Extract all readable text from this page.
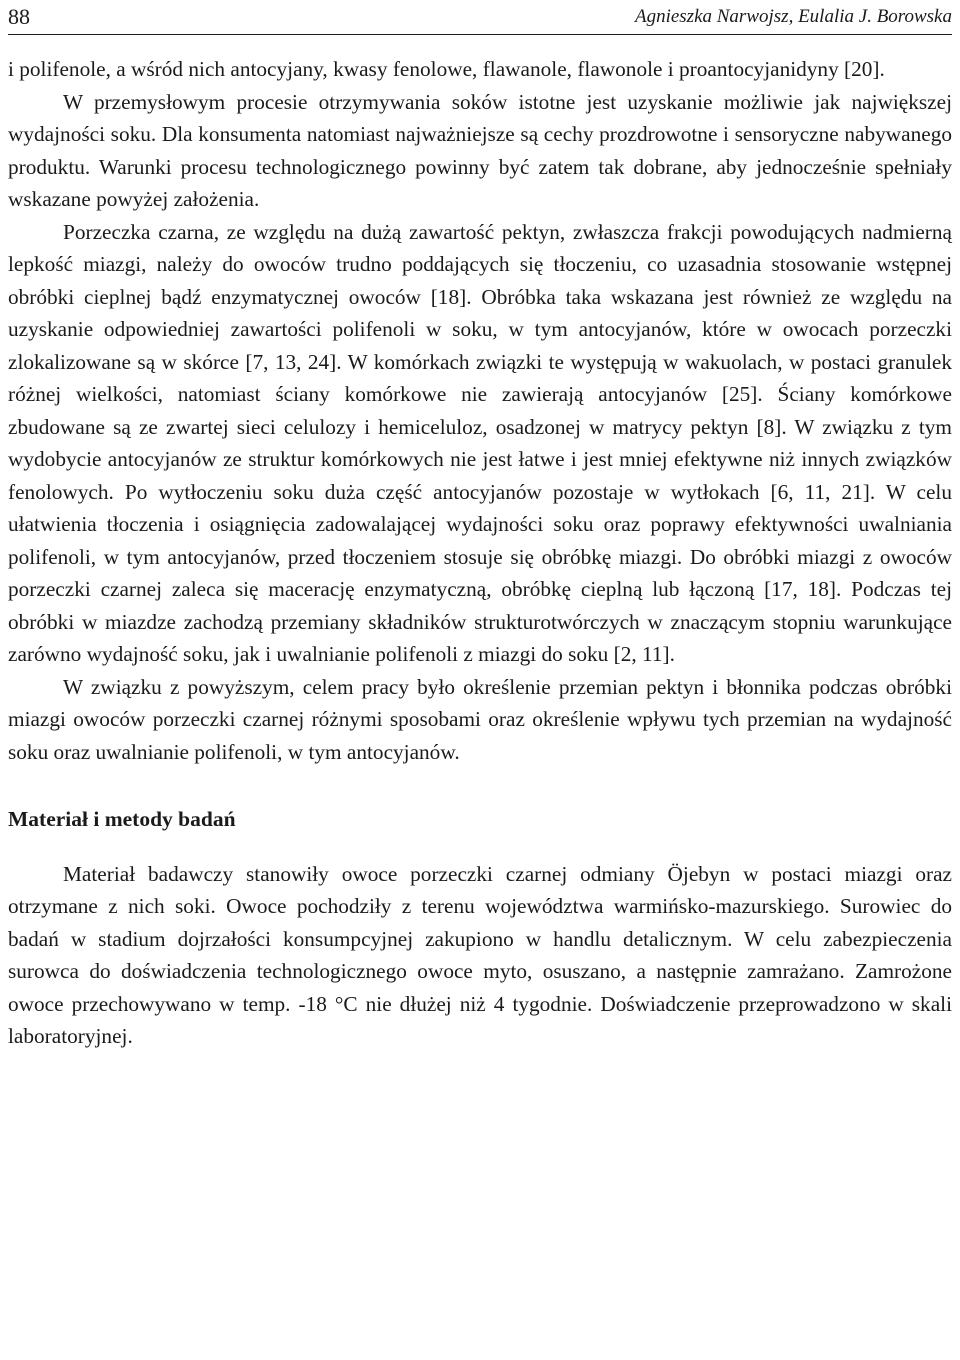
88	Agnieszka Narwojsz, Eulalia J. Borowska

i polifenole, a wśród nich antocyjany, kwasy fenolowe, flawanole, flawonole i proantocyjanidyny [20].

W przemysłowym procesie otrzymywania soków istotne jest uzyskanie możliwie jak największej wydajności soku. Dla konsumenta natomiast najważniejsze są cechy prozdrowotne i sensoryczne nabywanego produktu. Warunki procesu technologicznego powinny być zatem tak dobrane, aby jednocześnie spełniały wskazane powyżej założenia.

Porzeczka czarna, ze względu na dużą zawartość pektyn, zwłaszcza frakcji powodujących nadmierną lepkość miazgi, należy do owoców trudno poddających się tłoczeniu, co uzasadnia stosowanie wstępnej obróbki cieplnej bądź enzymatycznej owoców [18]. Obróbka taka wskazana jest również ze względu na uzyskanie odpowiedniej zawartości polifenoli w soku, w tym antocyjanów, które w owocach porzeczki zlokalizowane są w skórce [7, 13, 24]. W komórkach związki te występują w wakuolach, w postaci granulek różnej wielkości, natomiast ściany komórkowe nie zawierają antocyjanów [25]. Ściany komórkowe zbudowane są ze zwartej sieci celulozy i hemiceluloz, osadzonej w matrycy pektyn [8]. W związku z tym wydobycie antocyjanów ze struktur komórkowych nie jest łatwe i jest mniej efektywne niż innych związków fenolowych. Po wytłoczeniu soku duża część antocyjanów pozostaje w wytłokach [6, 11, 21]. W celu ułatwienia tłoczenia i osiągnięcia zadowalającej wydajności soku oraz poprawy efektywności uwalniania polifenoli, w tym antocyjanów, przed tłoczeniem stosuje się obróbkę miazgi. Do obróbki miazgi z owoców porzeczki czarnej zaleca się macerację enzymatyczną, obróbkę cieplną lub łączoną [17, 18]. Podczas tej obróbki w miazdze zachodzą przemiany składników strukturotwórczych w znaczącym stopniu warunkujące zarówno wydajność soku, jak i uwalnianie polifenoli z miazgi do soku [2, 11].

W związku z powyższym, celem pracy było określenie przemian pektyn i błonnika podczas obróbki miazgi owoców porzeczki czarnej różnymi sposobami oraz określenie wpływu tych przemian na wydajność soku oraz uwalnianie polifenoli, w tym antocyjanów.

Materiał i metody badań

Materiał badawczy stanowiły owoce porzeczki czarnej odmiany Öjebyn w postaci miazgi oraz otrzymane z nich soki. Owoce pochodziły z terenu województwa warmińsko-mazurskiego. Surowiec do badań w stadium dojrzałości konsumpcyjnej zakupiono w handlu detalicznym. W celu zabezpieczenia surowca do doświadczenia technologicznego owoce myto, osuszano, a następnie zamrażano. Zamrożone owoce przechowywano w temp. -18 °C nie dłużej niż 4 tygodnie. Doświadczenie przeprowadzono w skali laboratoryjnej.
